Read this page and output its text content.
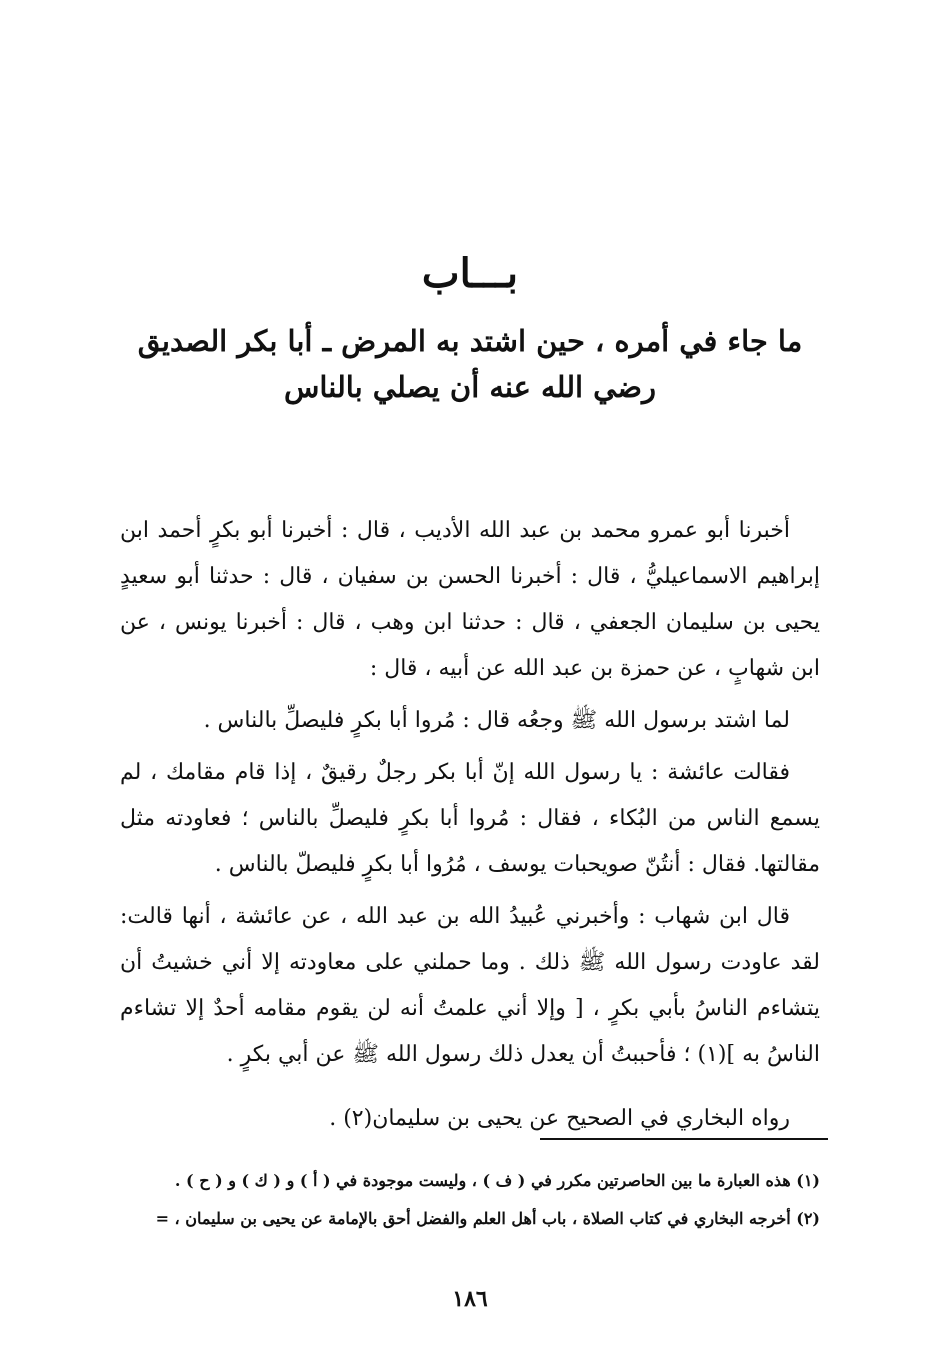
بـــاب
ما جاء في أمره ، حين اشتد به المرض ـ أبا بكر الصديق رضي الله عنه أن يصلي بالناس

أخبرنا أبو عمرو محمد بن عبد الله الأديب ، قال : أخبرنا أبو بكرٍ أحمد ابن إبراهيم الاسماعيليُّ ، قال : أخبرنا الحسن بن سفيان ، قال : حدثنا أبو سعيدٍ يحيى بن سليمان الجعفي ، قال : حدثنا ابن وهب ، قال : أخبرنا يونس ، عن ابن شهابٍ ، عن حمزة بن عبد الله عن أبيه ، قال :

لما اشتد برسول الله ﷺ وجعُه قال : مُروا أبا بكرٍ فليصلِّ بالناس .

فقالت عائشة : يا رسول الله إنّ أبا بكر رجلٌ رقيقٌ ، إذا قام مقامك ، لم يسمع الناس من البُكاء ، فقال : مُروا أبا بكرٍ فليصلِّ بالناس ؛ فعاودته مثل مقالتها. فقال : أنتُنّ صويحبات يوسف ، مُرُوا أبا بكرٍ فليصلّ بالناس .

قال ابن شهاب : وأخبرني عُبيدُ الله بن عبد الله ، عن عائشة ، أنها قالت: لقد عاودت رسول الله ﷺ ذلك . وما حملني على معاودته إلا أني خشيتُ أن يتشاءم الناسُ بأبي بكرٍ ، [ وإلا أني علمتُ أنه لن يقوم مقامه أحدٌ إلا تشاءم الناسُ به ](١) ؛ فأحببتُ أن يعدل ذلك رسول الله ﷺ عن أبي بكرٍ .

رواه البخاري في الصحيح عن يحيى بن سليمان(٢) .

(١) هذه العبارة ما بين الحاصرتين مكرر في ( ف ) ، وليست موجودة في ( أ ) و ( ك ) و ( ح ) .

(٢) أخرجه البخاري في كتاب الصلاة ، باب أهل العلم والفضل أحق بالإمامة عن يحيى بن سليمان ، =

١٨٦
